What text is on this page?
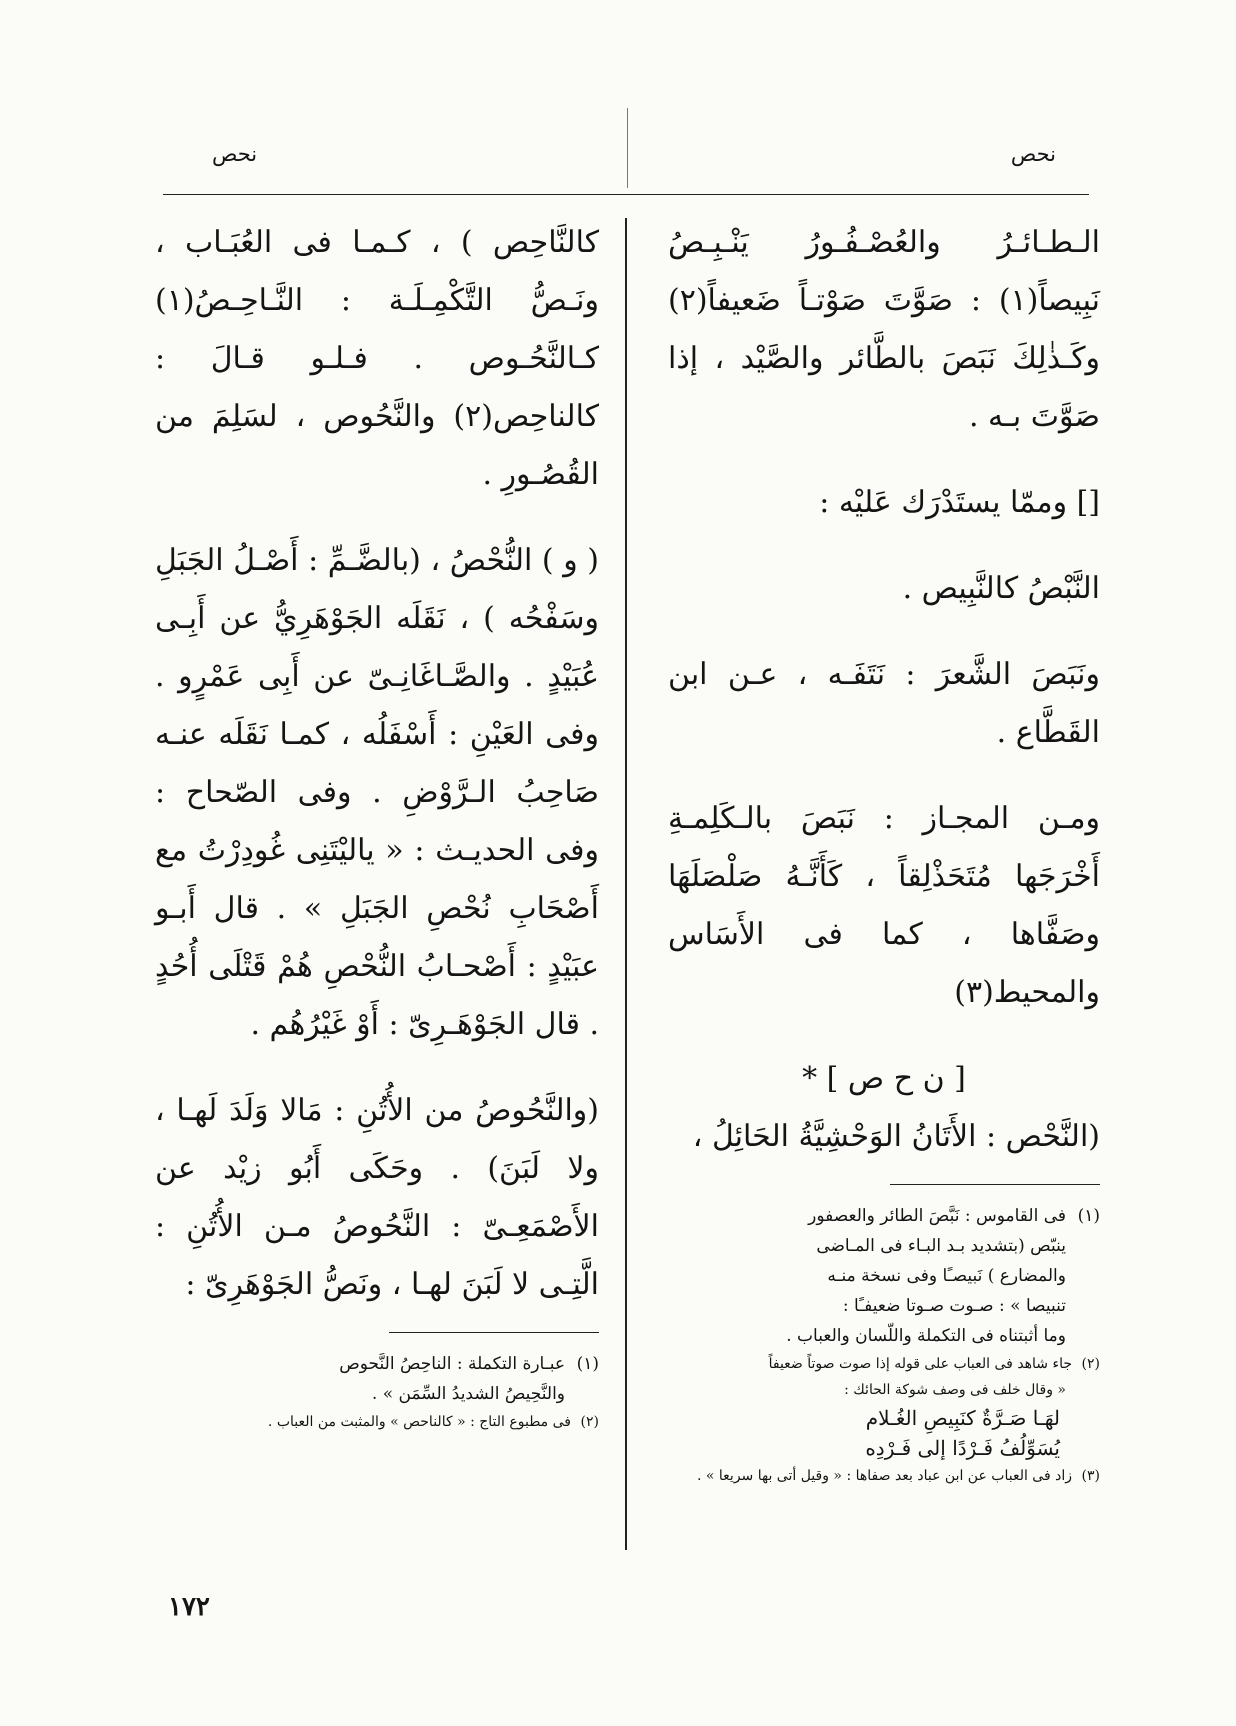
نحص
نحص

الـطـائـرُ والعُصْـفُـورُ يَنْـبِـصُ نَبِيصاً(١) : صَوَّتَ صَوْتـاً ضَعيفاً(٢) وكَـذٰلِكَ نَبَصَ بالطَّائر والصَّيْد ، إذا صَوَّتَ بـه .

[] وممّا يستَدْرَك عَليْه :

النَّبْصُ كالنَّبِيص .

ونَبَصَ الشَّعرَ : نَتَفَـه ، عـن ابن القَطَّاع .

ومـن المجـاز : نَبَصَ بالـكَلِمـةِ أَخْرَجَها مُتَحَذْلِقاً ، كَأَنَّـهُ صَلْصَلَهَا وصَفَّاها ، كما فى الأَسَاس والمحيط(٣)

[ ن ح ص ] *

(النَّحْص : الأَتَانُ الوَحْشِيَّةُ الحَائِلُ ،

(١)فى القاموس : نَبَّصَ الطائر والعصفور

ينبّص (بتشديد بـد البـاء فى المـاضى

والمضارع ) نَبيصـًا وفى نسخة منـه

تنبيصا » : صـوت صـوتا ضعيفـًا :

وما أثبتناه فى التكملة واللّسان والعباب .

(٢)جاء شاهد فى العباب على قوله إذا صوت صوتاً ضعيفاً

« وقال خلف فى وصف شوكة الحائك :

لهَـا صَـرَّةٌ كنَبِيصِ الغُـلام

يُسَوِّلُفُ فَـرْدًا إلى فَـرْدِه

(٣)زاد فى العباب عن ابن عباد بعد صفاها : « وقيل أتى بها سريعا » .

كالنَّاحِص ) ، كـمـا فى العُبَـاب ، ونَـصُّ التَّكْمِـلَـة : النَّـاحِـصُ(١) كـالنَّحُـوص . فـلـو قـالَ : كالناحِص(٢) والنَّحُوص ، لسَلِمَ من القُصُـورِ .

( و ) النُّحْصُ ، (بالضَّـمِّ : أَصْـلُ الجَبَلِ وسَفْحُه ) ، نَقَلَه الجَوْهَرِيُّ عن أَبِـى عُبَيْدٍ . والصَّـاغَانِـىّ عن أَبِى عَمْرٍو . وفى العَيْنِ : أَسْفَلُه ، كمـا نَقَلَه عنـه صَاحِبُ الـرَّوْضِ . وفى الصّحاح : وفى الحديـث : « ياليْتَنِى غُودِرْتُ مع أَصْحَابِ نُحْصِ الجَبَلِ » . قال أَبـو عبَيْدٍ : أَصْحـابُ النُّحْصِ هُمْ قَتْلَى أُحُدٍ . قال الجَوْهَـرِىّ : أَوْ غَيْرُهُم .

(والنَّحُوصُ من الأُتُنِ : مَالا وَلَدَ لَهـا ، ولا لَبَنَ) . وحَكَى أَبُو زيْد عن الأَصْمَعِـىّ : النَّحُوصُ مـن الأُتُنِ : الَّتِـى لا لَبَنَ لهـا ، ونَصُّ الجَوْهَرِىّ :

(١)عبـارة التكملة : الناحِصُ النَّحوص

والنَّحِيصُ الشديدُ السِّمَن » .

(٢)فى مطبوع التاج : « كالناحص » والمثبت من العباب .

١٧٢
